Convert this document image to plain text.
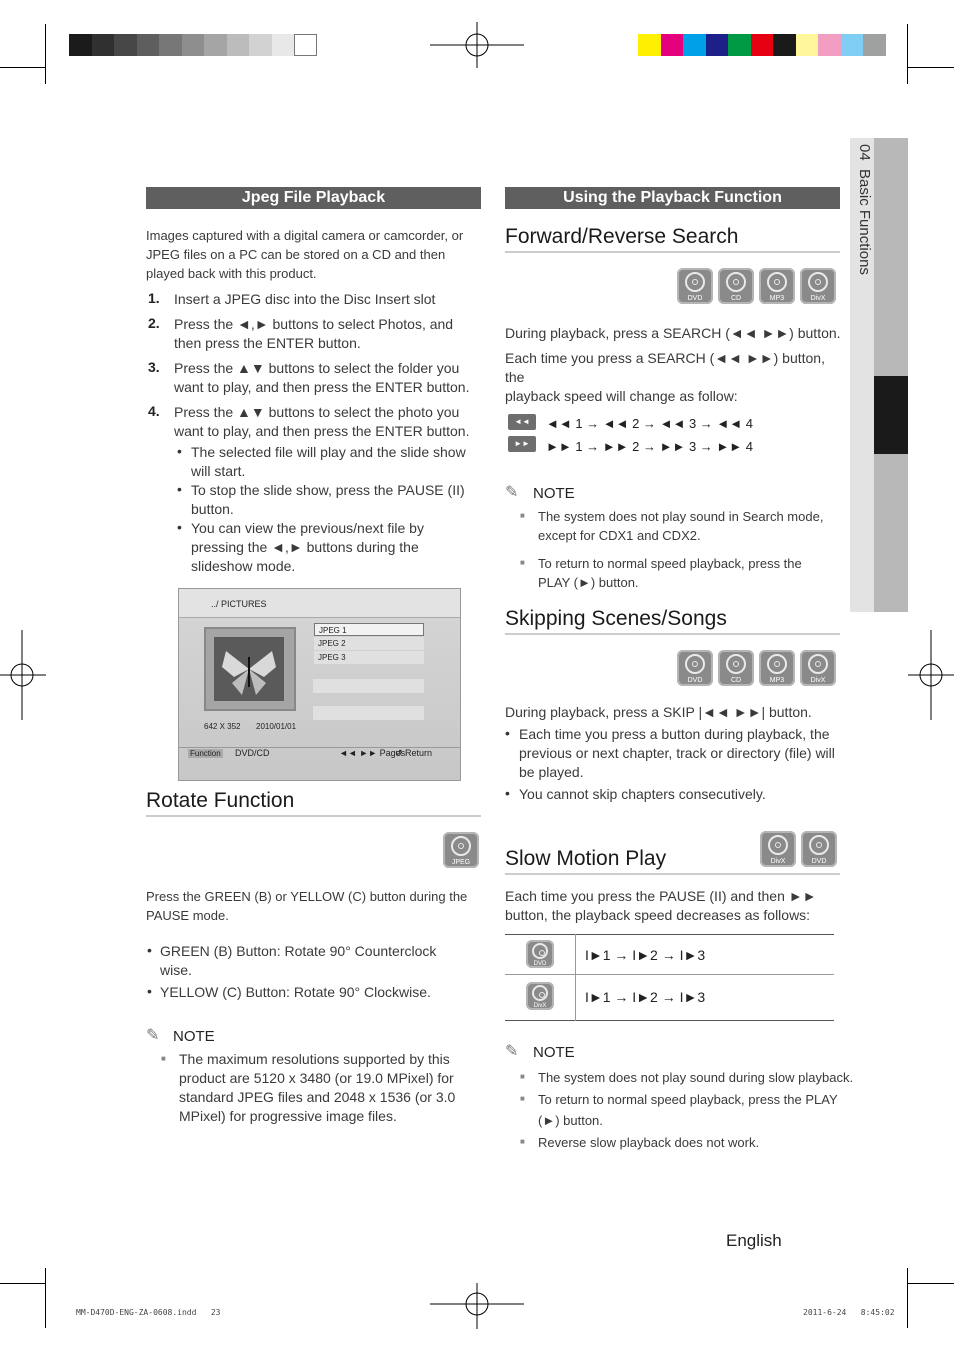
04  Basic Functions
Jpeg File Playback
Images captured with a digital camera or camcorder, or
JPEG files on a PC can be stored on a CD and then
played back with this product.
../ PICTURES
642 X 352 2010/01/01
Function DVD/CD	◄◄ ►► Pages
↺ Return
JPEG 1
JPEG 2
JPEG 3
Rotate Function
JPEG
Press the GREEN (B) or YELLOW (C) button during the
PAUSE mode.
✎ NOTE
Using the Playback Function
Forward/Reverse Search
During playback, press a SEARCH (◄◄ ►►) button.
Each time you press a SEARCH (◄◄ ►►) button, the
playback speed will change as follow:
◄◄
►►
◄◄ 1 → ◄◄ 2 → ◄◄ 3 → ◄◄ 4
►► 1 → ►► 2 → ►► 3 → ►► 4
✎ NOTE
Skipping Scenes/Songs
During playback, press a SKIP |◄◄ ►►| button.
Slow Motion Play
Each time you press the PAUSE (II) and then ►►
button, the playback speed decreases as follows:
✎ NOTE
English
MM-D470D-ENG-ZA-0608.indd   23	2011-6-24   8:45:02
1. Insert a JPEG disc into the Disc Insert slot
2. Press the ◄,► buttons to select Photos, and
then press the ENTER button.
3. Press the ▲▼ buttons to select the folder you
want to play, and then press the ENTER button.
4. Press the ▲▼ buttons to select the photo you
want to play, and then press the ENTER button.
• The selected file will play and the slide show
will start.
• To stop the slide show, press the PAUSE (II)
button.
• You can view the previous/next file by
pressing the ◄,► buttons during the
slideshow mode.
• GREEN (B) Button: Rotate 90° Counterclock
wise.
• YELLOW (C) Button: Rotate 90° Clockwise.
■ The maximum resolutions supported by this
product are 5120 x 3480 (or 19.0 MPixel) for
standard JPEG files and 2048 x 1536 (or 3.0
MPixel) for progressive image files.
DVD	CD	MP3	DivX
DVD	CD	MP3	DivX
DivX	DVD
■ The system does not play sound in Search mode,
except for CDX1 and CDX2.
■ To return to normal speed playback, press the
PLAY (►) button.
• Each time you press a button during playback, the
previous or next chapter, track or directory (file) will
be played.
• You cannot skip chapters consecutively.
DVD
I►1 → I►2 → I►3
DivX
I►1 → I►2 → I►3
■ The system does not play sound during slow playback.
■ To return to normal speed playback, press the PLAY
(►) button.
■ Reverse slow playback does not work.
